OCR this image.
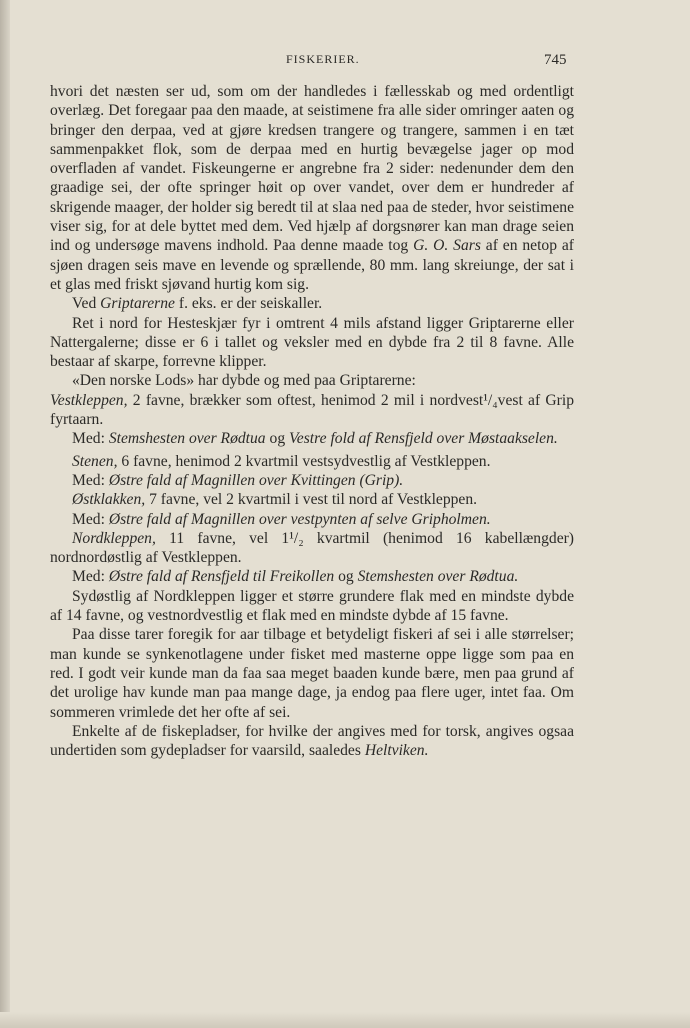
FISKERIER.	745

hvori det næsten ser ud, som om der handledes i fællesskab og med ordentligt overlæg. Det foregaar paa den maade, at seistimene fra alle sider omringer aaten og bringer den derpaa, ved at gjøre kredsen trangere og trangere, sammen i en tæt sammenpakket flok, som de derpaa med en hurtig bevægelse jager op mod overfladen af vandet. Fiskeungerne er angrebne fra 2 sider: nedenunder dem den graadige sei, der ofte springer høit op over vandet, over dem er hundreder af skrigende maager, der holder sig beredt til at slaa ned paa de steder, hvor seistimene viser sig, for at dele byttet med dem. Ved hjælp af dorgsnører kan man drage seien ind og undersøge mavens indhold. Paa denne maade tog G. O. Sars af en netop af sjøen dragen seis mave en levende og sprællende, 80 mm. lang skreiunge, der sat i et glas med friskt sjøvand hurtig kom sig.

Ved Griptarerne f. eks. er der seiskaller.

Ret i nord for Hesteskjær fyr i omtrent 4 mils afstand ligger Griptarerne eller Nattergalerne; disse er 6 i tallet og veksler med en dybde fra 2 til 8 favne. Alle bestaar af skarpe, forrevne klipper.

«Den norske Lods» har dybde og med paa Griptarerne:

Vestkleppen, 2 favne, brækker som oftest, henimod 2 mil i nordvest¹/₄vest af Grip fyrtaarn.

Med: Stemshesten over Rødtua og Vestre fold af Rensfjeld over Møstaakselen.

Stenen, 6 favne, henimod 2 kvartmil vestsydvestlig af Vestkleppen.

Med: Østre fald af Magnillen over Kvittingen (Grip).

Østklakken, 7 favne, vel 2 kvartmil i vest til nord af Vestkleppen.

Med: Østre fald af Magnillen over vestpynten af selve Gripholmen.

Nordkleppen, 11 favne, vel 1¹/₂ kvartmil (henimod 16 kabellængder) nordnordøstlig af Vestkleppen.

Med: Østre fald af Rensfjeld til Freikollen og Stemshesten over Rødtua.

Sydøstlig af Nordkleppen ligger et større grundere flak med en mindste dybde af 14 favne, og vestnordvestlig et flak med en mindste dybde af 15 favne.

Paa disse tarer foregik for aar tilbage et betydeligt fiskeri af sei i alle størrelser; man kunde se synkenotlagene under fisket med masterne oppe ligge som paa en red. I godt veir kunde man da faa saa meget baaden kunde bære, men paa grund af det urolige hav kunde man paa mange dage, ja endog paa flere uger, intet faa. Om sommeren vrimlede det her ofte af sei.

Enkelte af de fiskepladser, for hvilke der angives med for torsk, angives ogsaa undertiden som gydepladser for vaarsild, saaledes Heltviken.
